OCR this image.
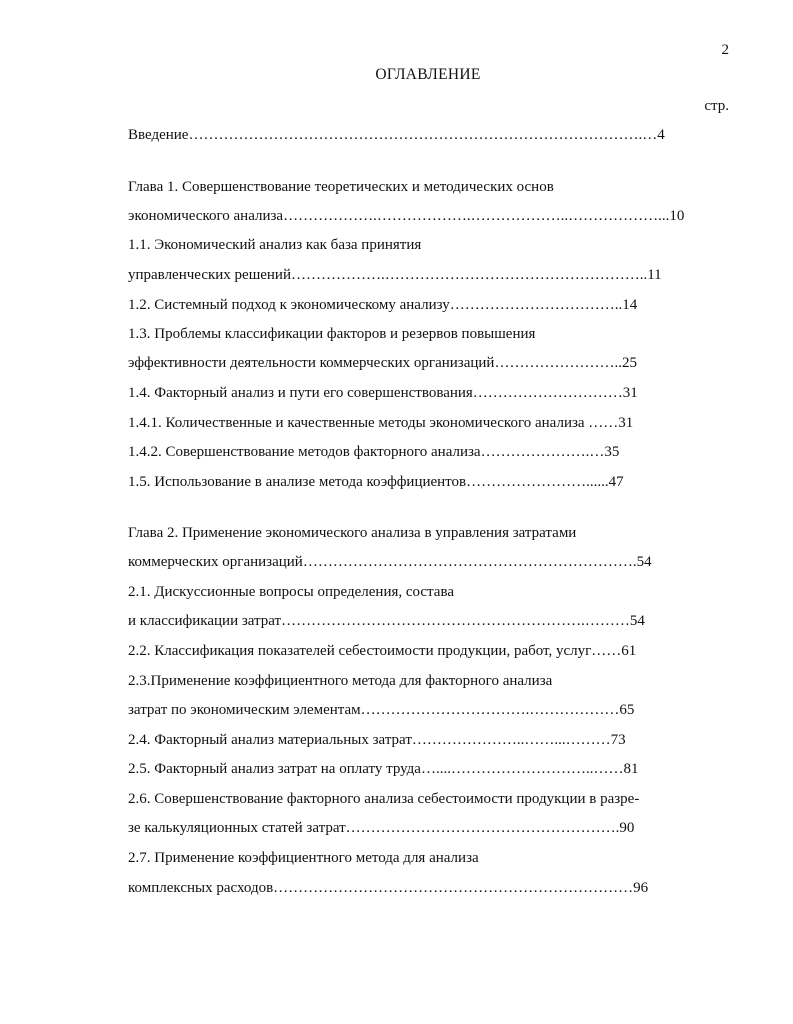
2
ОГЛАВЛЕНИЕ
стр.
Введение……………………………………………………………………………….…4
Глава 1. Совершенствование теоретических и методических основ
экономического анализа……………….……………….………………..………………...10
1.1. Экономический анализ как база принятия
управленческих решений……………….……………………………………………..11
1.2. Системный подход к экономическому анализу……………………………..14
1.3. Проблемы классификации факторов и резервов повышения
эффективности деятельности коммерческих организаций……………………..25
1.4. Факторный анализ и пути его совершенствования…………………………31
1.4.1. Количественные и качественные методы экономического анализа ……31
1.4.2. Совершенствование методов факторного анализа………………….…35
1.5. Использование в анализе метода коэффициентов……………………......47
Глава 2. Применение экономического анализа в управления затратами
коммерческих организаций………………………………………………………….54
2.1. Дискуссионные вопросы определения, состава
и классификации затрат…………………………………………………….………54
2.2. Классификация показателей себестоимости продукции, работ, услуг……61
2.3.Применение коэффициентного метода для факторного анализа
затрат по экономическим элементам…………………………….………………65
2.4. Факторный анализ материальных затрат…………………..……...………73
2.5. Факторный анализ затрат на оплату труда…....………………………..……81
2.6. Совершенствование факторного анализа себестоимости продукции в разре-
зе калькуляционных статей затрат……………………………………………….90
2.7. Применение коэффициентного метода для анализа
комплексных расходов………………………………………………………………96
